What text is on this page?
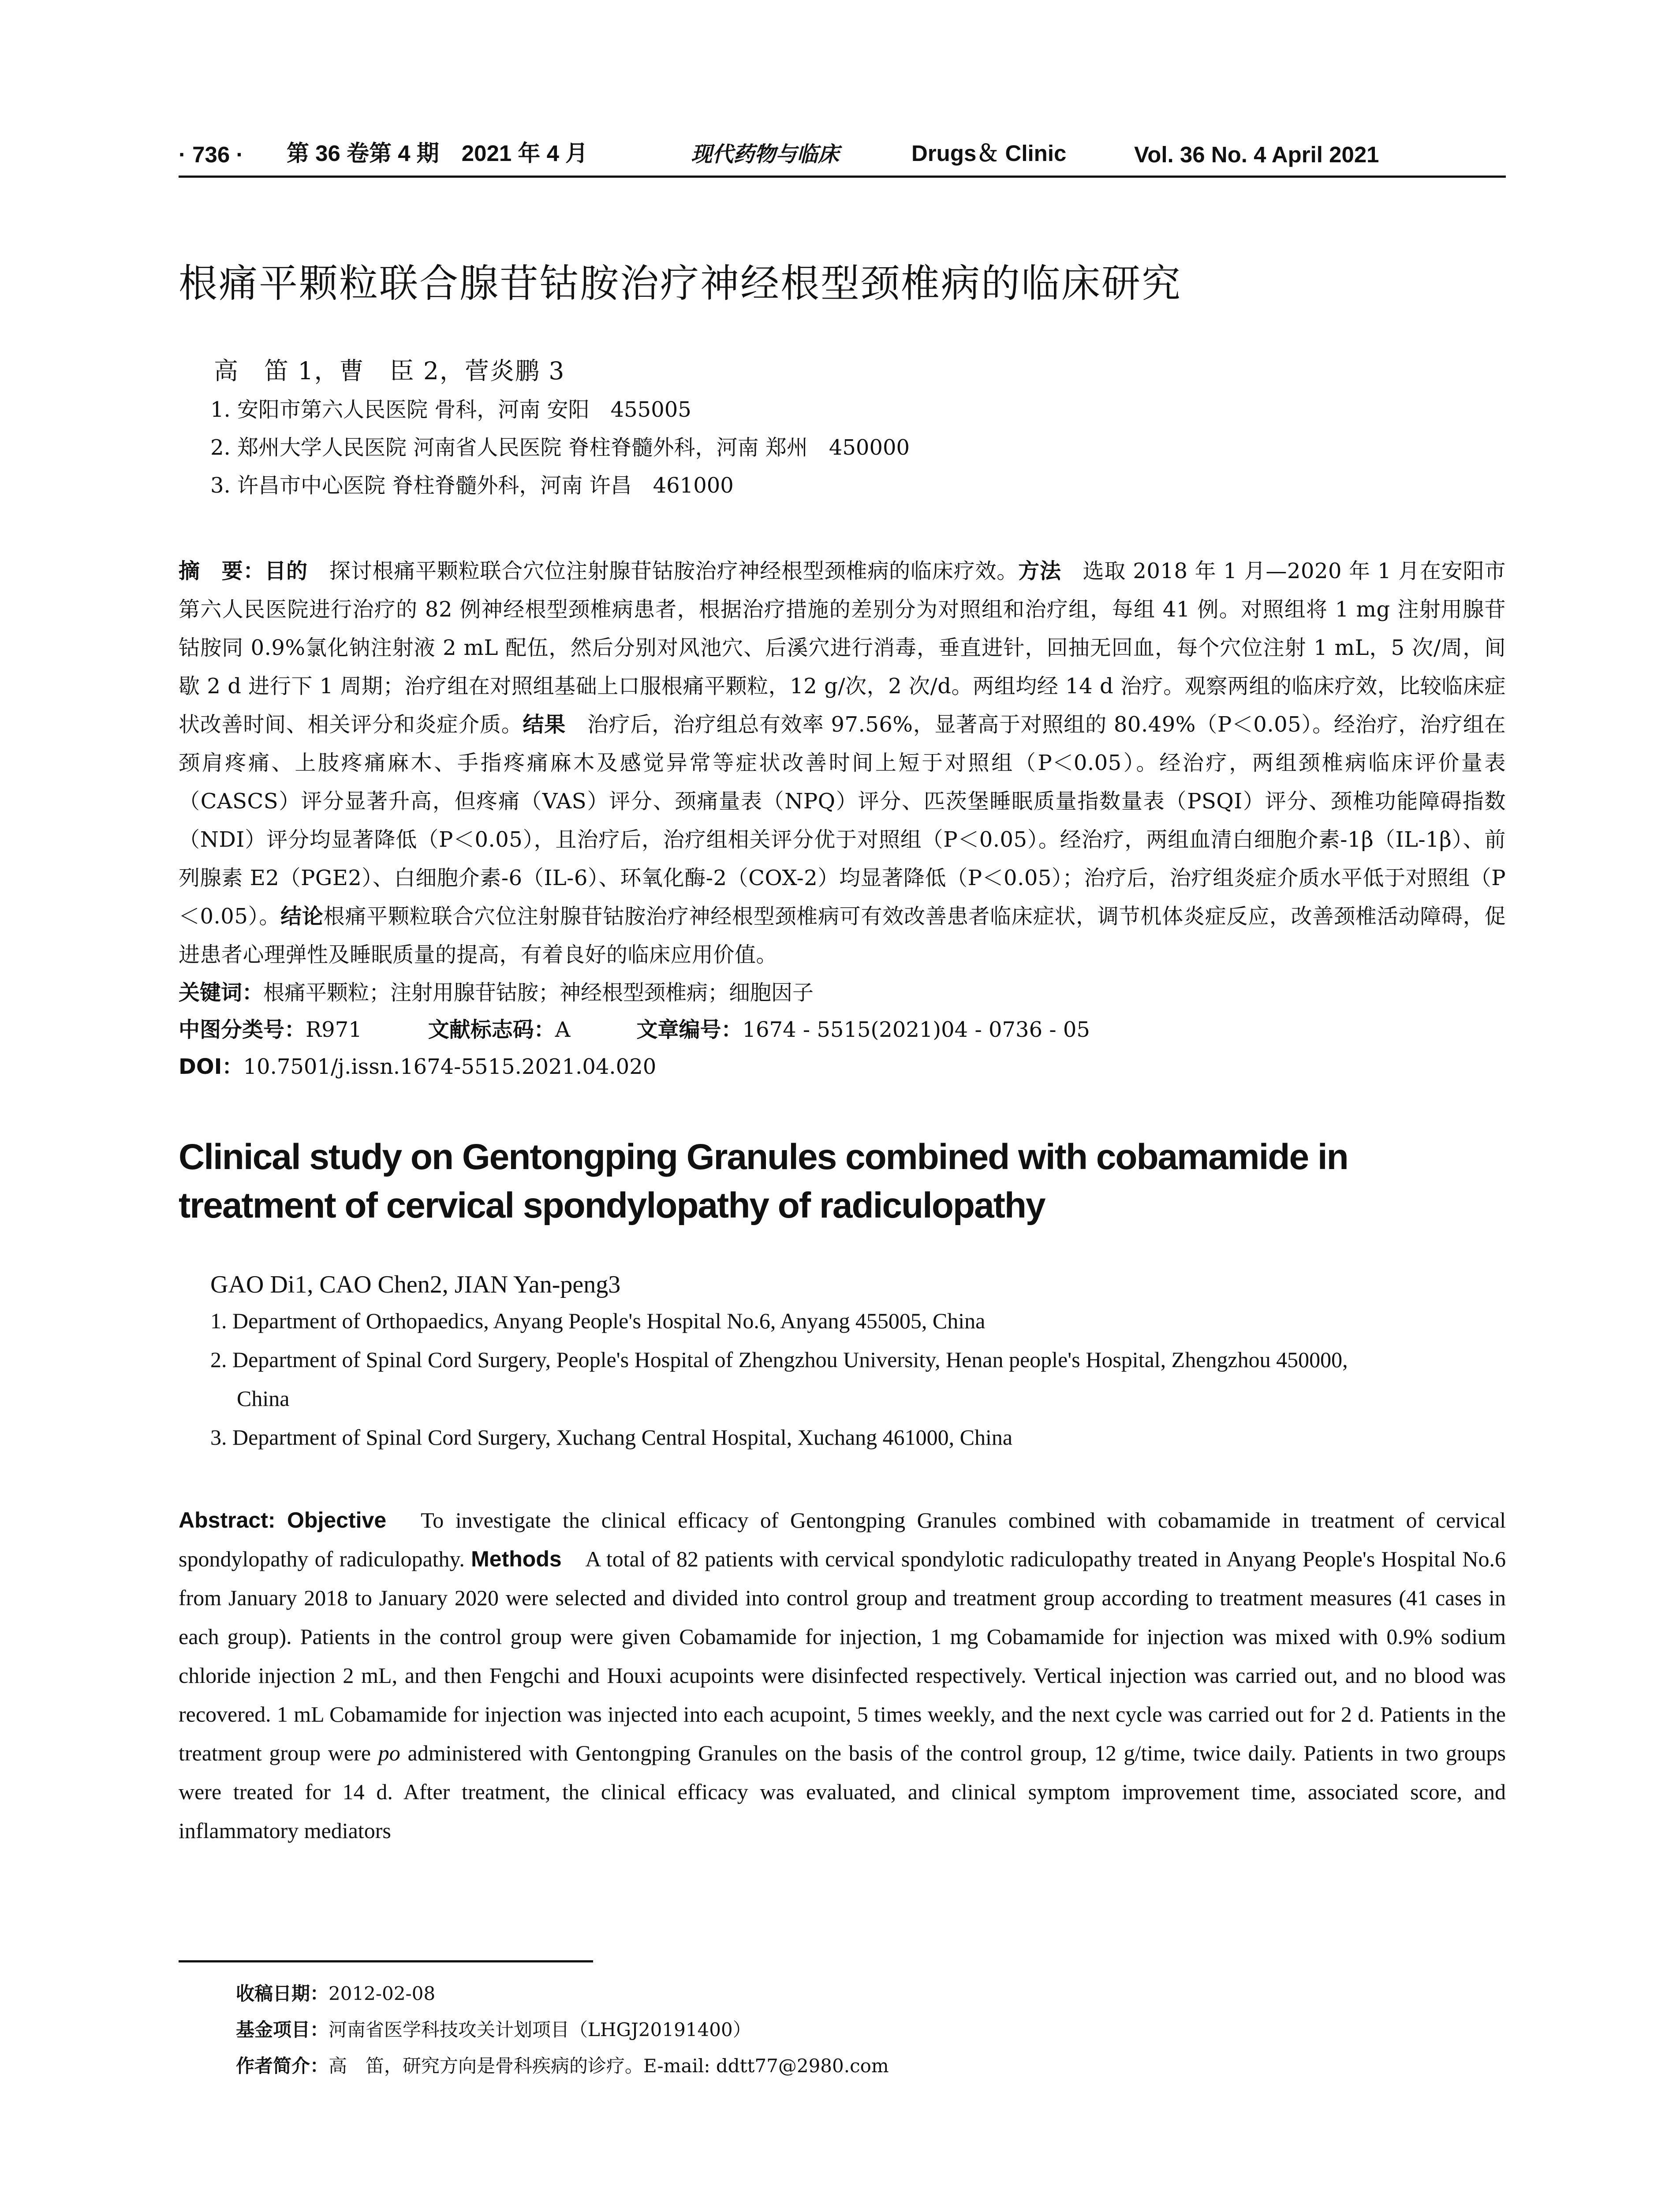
· 736 ·	第 36 卷第 4 期　2021 年 4 月	现代药物与临床	Drugs＆ Clinic	Vol. 36 No. 4 April 2021
根痛平颗粒联合腺苷钴胺治疗神经根型颈椎病的临床研究
高　笛 1，曹　臣 2，菅炎鹏 3
1. 安阳市第六人民医院 骨科，河南 安阳　455005
2. 郑州大学人民医院 河南省人民医院 脊柱脊髓外科，河南 郑州　450000
3. 许昌市中心医院 脊柱脊髓外科，河南 许昌　461000
摘　要：目的　探讨根痛平颗粒联合穴位注射腺苷钴胺治疗神经根型颈椎病的临床疗效。方法　选取 2018 年 1 月—2020 年 1 月在安阳市第六人民医院进行治疗的 82 例神经根型颈椎病患者，根据治疗措施的差别分为对照组和治疗组，每组 41 例。对照组将 1 mg 注射用腺苷钴胺同 0.9%氯化钠注射液 2 mL 配伍，然后分别对风池穴、后溪穴进行消毒，垂直进针，回抽无回血，每个穴位注射 1 mL，5 次/周，间歇 2 d 进行下 1 周期；治疗组在对照组基础上口服根痛平颗粒，12 g/次，2 次/d。两组均经 14 d 治疗。观察两组的临床疗效，比较临床症状改善时间、相关评分和炎症介质。结果　治疗后，治疗组总有效率 97.56%，显著高于对照组的 80.49%（P＜0.05）。经治疗，治疗组在颈肩疼痛、上肢疼痛麻木、手指疼痛麻木及感觉异常等症状改善时间上短于对照组（P＜0.05）。经治疗，两组颈椎病临床评价量表（CASCS）评分显著升高，但疼痛（VAS）评分、颈痛量表（NPQ）评分、匹茨堡睡眠质量指数量表（PSQI）评分、颈椎功能障碍指数（NDI）评分均显著降低（P＜0.05），且治疗后，治疗组相关评分优于对照组（P＜0.05）。经治疗，两组血清白细胞介素-1β（IL-1β）、前列腺素 E2（PGE2）、白细胞介素-6（IL-6）、环氧化酶-2（COX-2）均显著降低（P＜0.05）；治疗后，治疗组炎症介质水平低于对照组（P＜0.05）。结论根痛平颗粒联合穴位注射腺苷钴胺治疗神经根型颈椎病可有效改善患者临床症状，调节机体炎症反应，改善颈椎活动障碍，促进患者心理弹性及睡眠质量的提高，有着良好的临床应用价值。
关键词：根痛平颗粒；注射用腺苷钴胺；神经根型颈椎病；细胞因子
中图分类号：R971	文献标志码：A	文章编号：1674 - 5515(2021)04 - 0736 - 05
DOI：10.7501/j.issn.1674-5515.2021.04.020
Clinical study on Gentongping Granules combined with cobamamide in treatment of cervical spondylopathy of radiculopathy
GAO Di1, CAO Chen2, JIAN Yan-peng3
1. Department of Orthopaedics, Anyang People's Hospital No.6, Anyang 455005, China
2. Department of Spinal Cord Surgery, People's Hospital of Zhengzhou University, Henan people's Hospital, Zhengzhou 450000,
China
3. Department of Spinal Cord Surgery, Xuchang Central Hospital, Xuchang 461000, China
Abstract: Objective　To investigate the clinical efficacy of Gentongping Granules combined with cobamamide in treatment of cervical spondylopathy of radiculopathy. Methods　A total of 82 patients with cervical spondylotic radiculopathy treated in Anyang People's Hospital No.6 from January 2018 to January 2020 were selected and divided into control group and treatment group according to treatment measures (41 cases in each group). Patients in the control group were given Cobamamide for injection, 1 mg Cobamamide for injection was mixed with 0.9% sodium chloride injection 2 mL, and then Fengchi and Houxi acupoints were disinfected respectively. Vertical injection was carried out, and no blood was recovered. 1 mL Cobamamide for injection was injected into each acupoint, 5 times weekly, and the next cycle was carried out for 2 d. Patients in the treatment group were po administered with Gentongping Granules on the basis of the control group, 12 g/time, twice daily. Patients in two groups were treated for 14 d. After treatment, the clinical efficacy was evaluated, and clinical symptom improvement time, associated score, and inflammatory mediators
收稿日期：2012-02-08
基金项目：河南省医学科技攻关计划项目（LHGJ20191400）
作者简介：高　笛，研究方向是骨科疾病的诊疗。E-mail: ddtt77@2980.com
